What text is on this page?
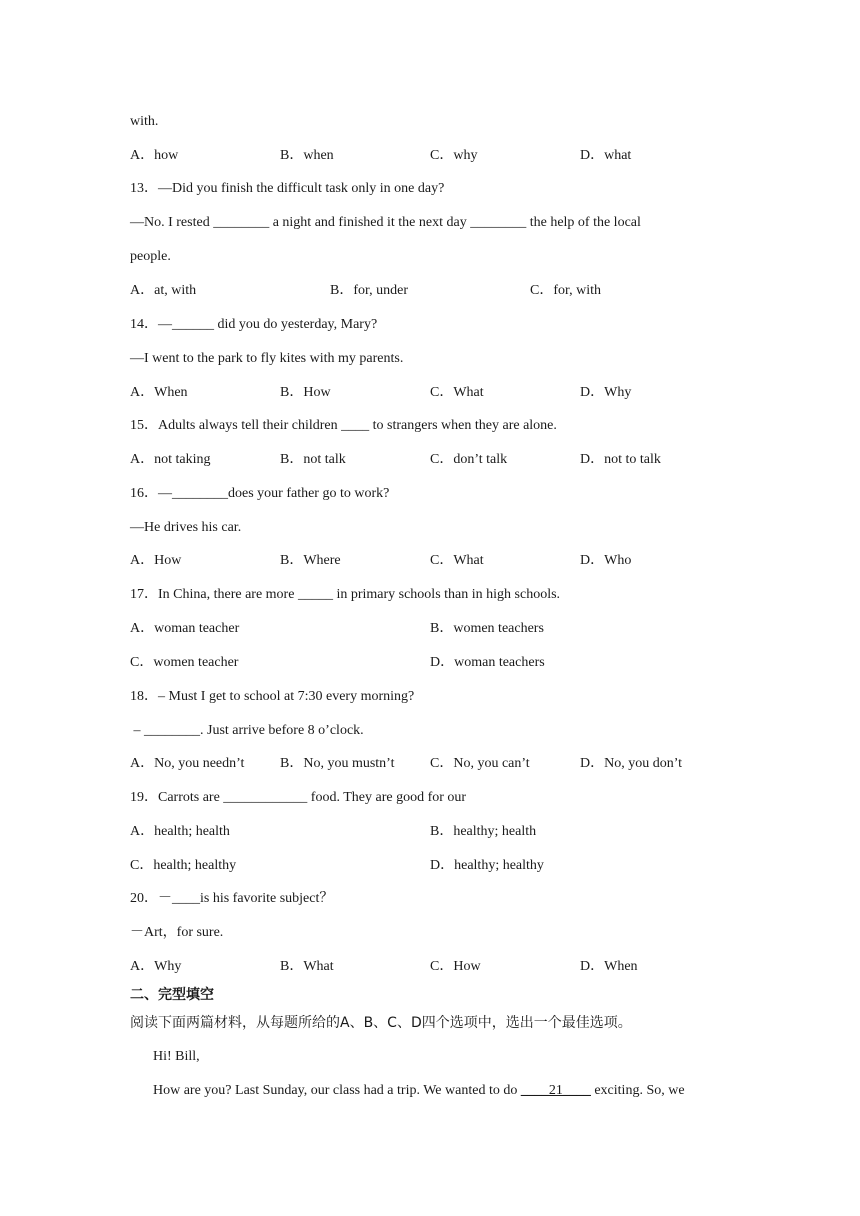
with.
A．how	B．when	C．why	D．what
13．—Did you finish the difficult task only in one day?
—No. I rested ________ a night and finished it the next day ________ the help of the local
people.
A．at, with	B．for, under	C．for, with
14．—______ did you do yesterday, Mary?
—I went to the park to fly kites with my parents.
A．When	B．How	C．What	D．Why
15．Adults always tell their children ____ to strangers when they are alone.
A．not taking	B．not talk	C．don’t talk	D．not to talk
16．—________does your father go to work?
—He drives his car.
A．How	B．Where	C．What	D．Who
17．In China, there are more _____ in primary schools than in high schools.
A．woman teacher	B．women teachers
C．women teacher	D．woman teachers
18．– Must I get to school at 7:30 every morning?
– ________. Just arrive before 8 o’clock.
A．No, you needn’t	B．No, you mustn’t	C．No, you can’t	D．No, you don’t
19．Carrots are ____________ food. They are good for our
A．health; health	B．healthy; health
C．health; healthy	D．healthy; healthy
20．－____is his favorite subject？
－Art，for sure.
A．Why	B．What	C．How	D．When
二、完型填空
阅读下面两篇材料，从每题所给的A、B、C、D四个选项中，选出一个最佳选项。
Hi! Bill,
How are you? Last Sunday, our class had a trip. We wanted to do ____21____ exciting. So, we
